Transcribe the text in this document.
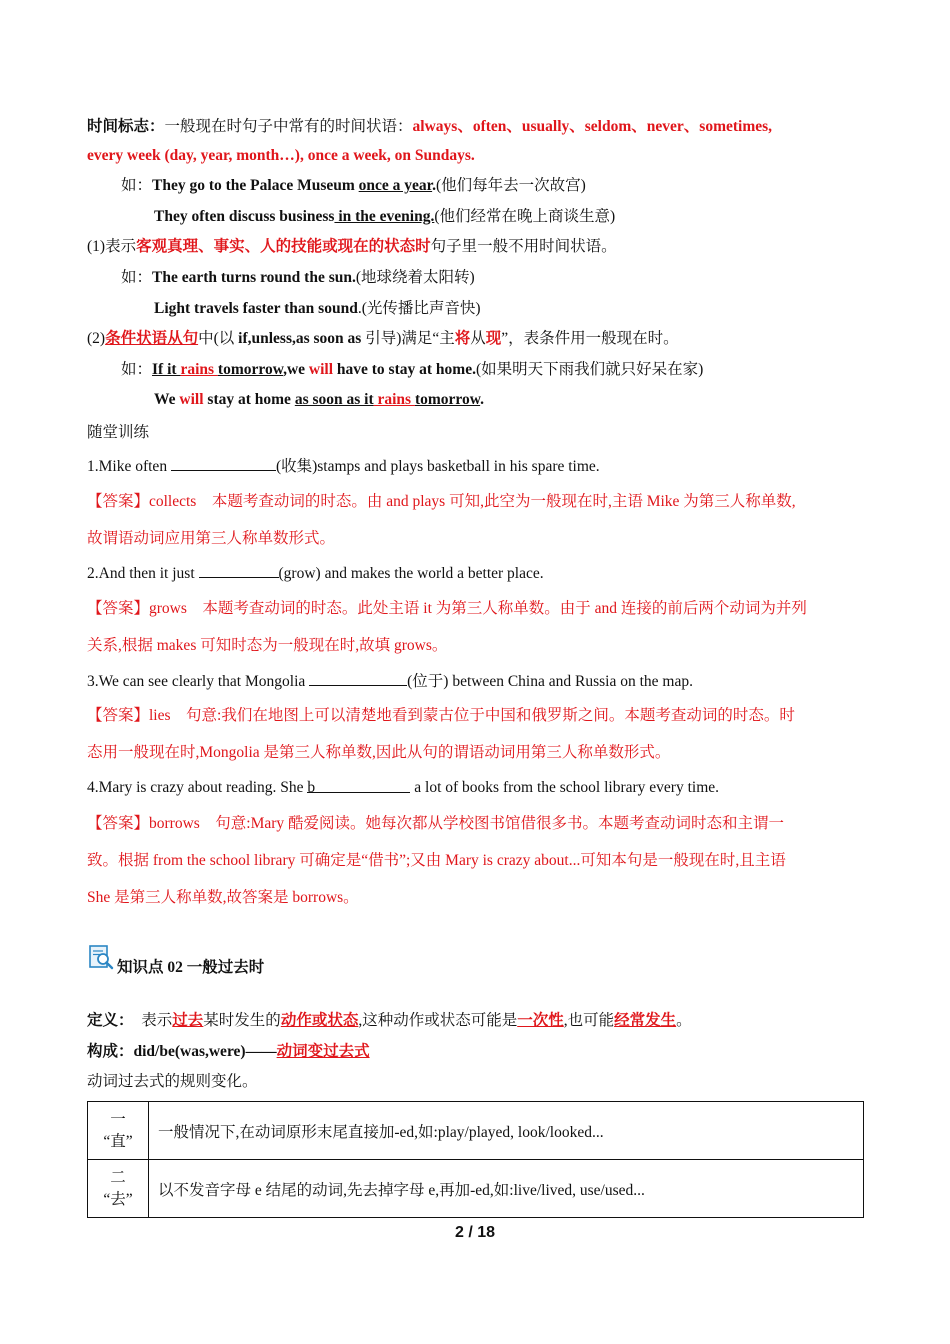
时间标志：一般现在时句子中常有的时间状语：always、often、usually、seldom、never、sometimes,
every week (day, year, month…), once a week, on Sundays.
如：They go to the Palace Museum once a year.(他们每年去一次故宫)
They often discuss business in the evening.(他们经常在晚上商谈生意)
(1)表示客观真理、事实、人的技能或现在的状态时句子里一般不用时间状语。
如：The earth turns round the sun.(地球绕着太阳转)
Light travels faster than sound.(光传播比声音快)
(2)条件状语从句中(以 if,unless,as soon as 引导)满足“主将从现”，表条件用一般现在时。
如：If it rains tomorrow,we will have to stay at home.(如果明天下雨我们就只好呆在家)
We will stay at home as soon as it rains tomorrow.
随堂训练
1.Mike often	(收集)stamps and plays basketball in his spare time.
【答案】collects　本题考查动词的时态。由 and plays 可知,此空为一般现在时,主语 Mike 为第三人称单数,
故谓语动词应用第三人称单数形式。
2.And then it just	(grow) and makes the world a better place.
【答案】grows　本题考查动词的时态。此处主语 it 为第三人称单数。由于 and 连接的前后两个动词为并列
关系,根据 makes 可知时态为一般现在时,故填 grows。
3.We can see clearly that Mongolia	(位于) between China and Russia on the map.
【答案】lies　句意:我们在地图上可以清楚地看到蒙古位于中国和俄罗斯之间。本题考查动词的时态。时
态用一般现在时,Mongolia 是第三人称单数,因此从句的谓语动词用第三人称单数形式。
4.Mary is crazy about reading. She b	a lot of books from the school library every time.
【答案】borrows　句意:Mary 酷爱阅读。她每次都从学校图书馆借很多书。本题考查动词时态和主谓一
致。根据 from the school library 可确定是“借书”;又由 Mary is crazy about...可知本句是一般现在时,且主语
She 是第三人称单数,故答案是 borrows。
知识点 02 一般过去时
定义：　表示过去某时发生的动作或状态,这种动作或状态可能是一次性,也可能经常发生。
构成：did/be(was,were)——动词变过去式
动词过去式的规则变化。
一
“直”	一般情况下,在动词原形末尾直接加-ed,如:play/played, look/looked...

二
“去”	以不发音字母 e 结尾的动词,先去掉字母 e,再加-ed,如:live/lived, use/used...
2 / 18
